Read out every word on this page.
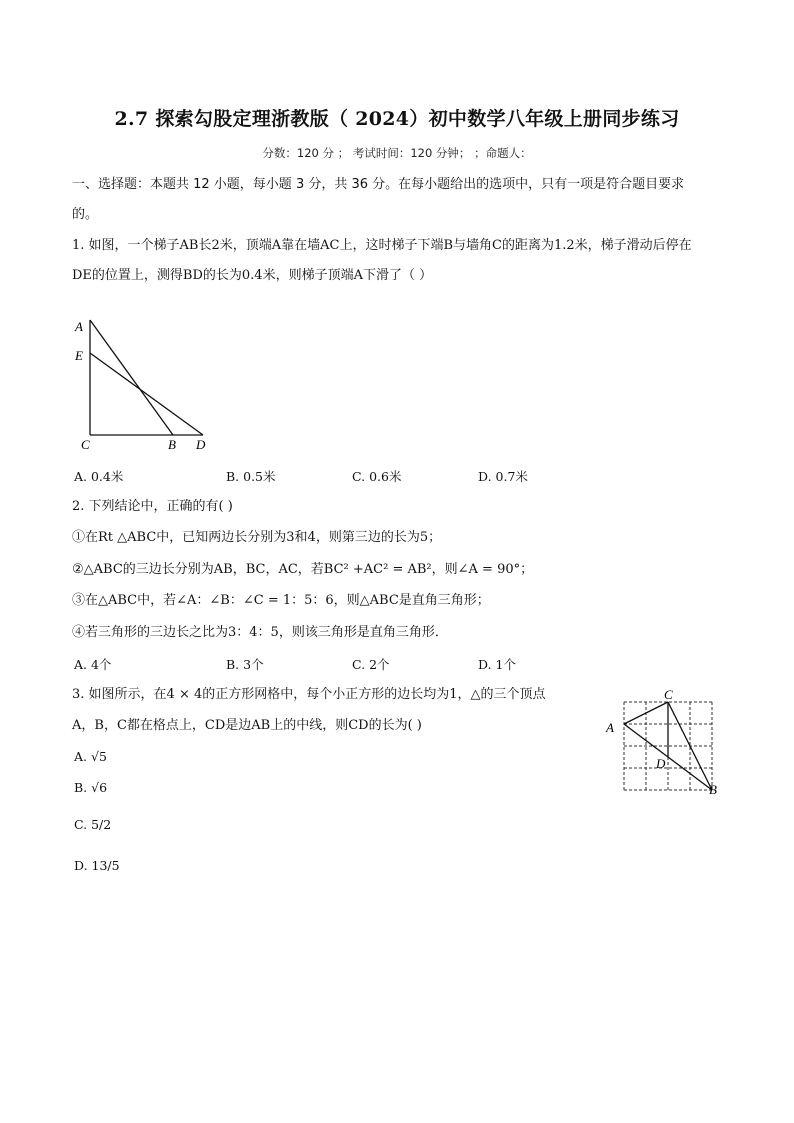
2.7 探索勾股定理浙教版（ 2024）初中数学八年级上册同步练习
分数：120 分 ； 考试时间：120 分钟； ；命题人：
一、选择题：本题共 12 小题，每小题 3 分，共 36 分。在每小题给出的选项中，只有一项是符合题目要求
的。
1. 如图，一个梯子AB长2米，顶端A靠在墙AC上，这时梯子下端B与墙角C的距离为1.2米，梯子滑动后停在
DE的位置上，测得BD的长为0.4米，则梯子顶端A下滑了（ ）
A
E
C	B D
A. 0.4米	B. 0.5米	C. 0.6米	D. 0.7米
2. 下列结论中，正确的有( )
①在Rt △ABC中，已知两边长分别为3和4，则第三边的长为5；
②△ABC的三边长分别为AB，BC，AC，若BC² +AC² = AB²，则∠A = 90°；
③在△ABC中，若∠A：∠B：∠C = 1：5：6，则△ABC是直角三角形；
④若三角形的三边长之比为3：4：5，则该三角形是直角三角形．
A. 4个	B. 3个	C. 2个	D. 1个
3. 如图所示，在4 × 4的正方形网格中，每个小正方形的边长均为1，△的三个顶点
A，B，C都在格点上，CD是边AB上的中线，则CD的长为( )	A
C
B
D
A. √5
B. √6
C. 5/2
D. 13/5
